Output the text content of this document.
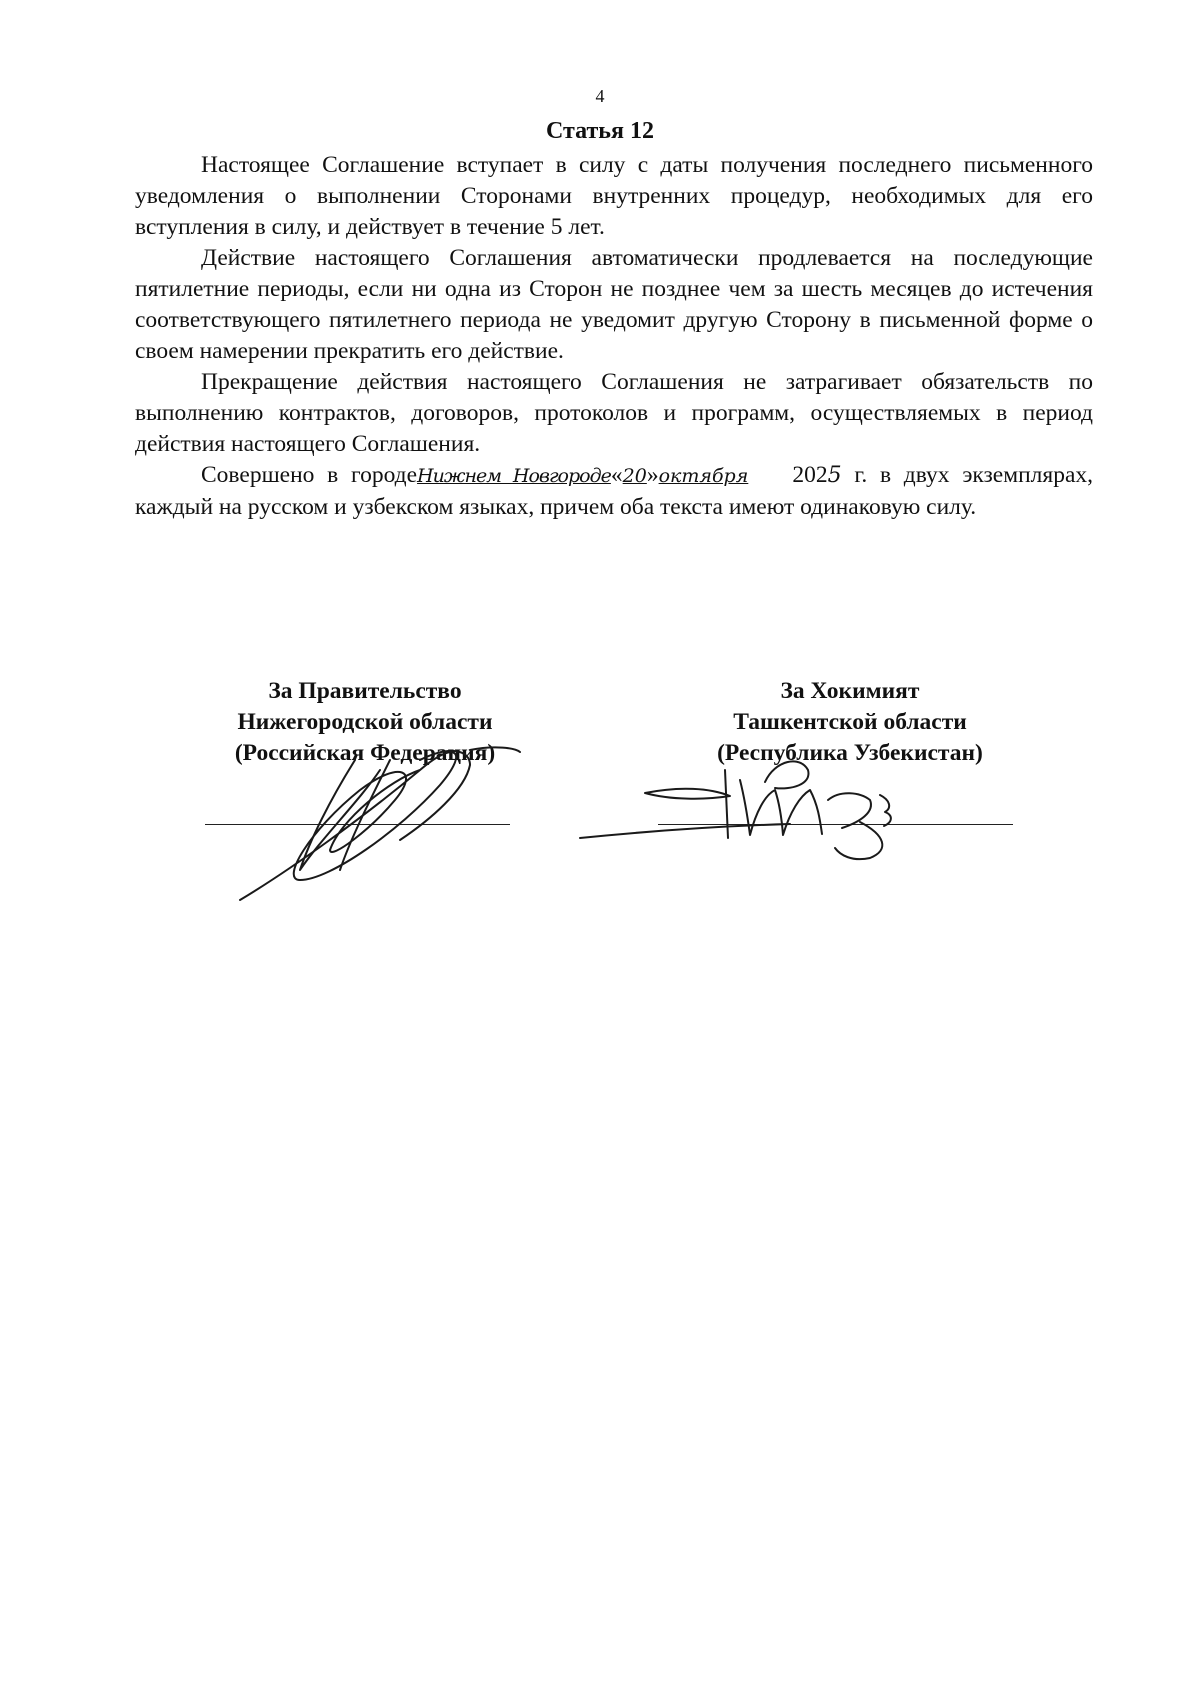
4
Статья 12

Настоящее Соглашение вступает в силу с даты получения последнего письменного уведомления о выполнении Сторонами внутренних процедур, необходимых для его вступления в силу, и действует в течение 5 лет.

Действие настоящего Соглашения автоматически продлевается на последующие пятилетние периоды, если ни одна из Сторон не позднее чем за шесть месяцев до истечения соответствующего пятилетнего периода не уведомит другую Сторону в письменной форме о своем намерении прекратить его действие.

Прекращение действия настоящего Соглашения не затрагивает обязательств по выполнению контрактов, договоров, протоколов и программ, осуществляемых в период действия настоящего Соглашения.

Совершено в городеНижнем Новгороде«20»октября 2025 г. в двух экземплярах, каждый на русском и узбекском языках, причем оба текста имеют одинаковую силу.

За Правительство
Нижегородской области
(Российская Федерация)
За Хокимият
Ташкентской области
(Республика Узбекистан)
